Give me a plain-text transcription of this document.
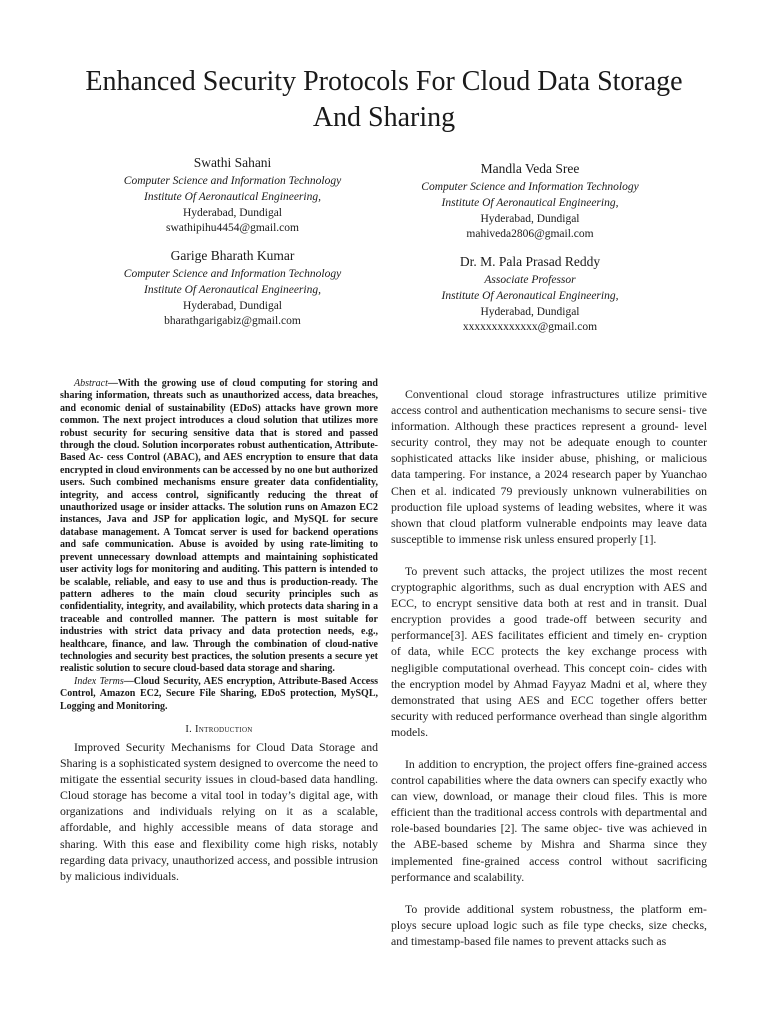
Enhanced Security Protocols For Cloud Data Storage And Sharing
Swathi Sahani
Computer Science and Information Technology
Institute Of Aeronautical Engineering,
Hyderabad, Dundigal
swathipihu4454@gmail.com
Garige Bharath Kumar
Computer Science and Information Technology
Institute Of Aeronautical Engineering,
Hyderabad, Dundigal
bharathgarigabiz@gmail.com
Mandla Veda Sree
Computer Science and Information Technology
Institute Of Aeronautical Engineering,
Hyderabad, Dundigal
mahiveda2806@gmail.com
Dr. M. Pala Prasad Reddy
Associate Professor
Institute Of Aeronautical Engineering,
Hyderabad, Dundigal
xxxxxxxxxxxxx@gmail.com

Abstract—With the growing use of cloud computing for storing and sharing information, threats such as unauthorized access, data breaches, and economic denial of sustainability (EDoS) attacks have grown more common. The next project introduces a cloud solution that utilizes more robust security for securing sensitive data that is stored and passed through the cloud. Solution incorporates robust authentication, Attribute-Based Ac- cess Control (ABAC), and AES encryption to ensure that data encrypted in cloud environments can be accessed by no one but authorized users. Such combined mechanisms ensure greater data confidentiality, integrity, and access control, significantly reducing the threat of unauthorized usage or insider attacks. The solution runs on Amazon EC2 instances, Java and JSP for application logic, and MySQL for secure database management. A Tomcat server is used for backend operations and safe communication. Abuse is avoided by using rate-limiting to prevent unnecessary download attempts and maintaining sophisticated user activity logs for monitoring and auditing. This pattern is intended to be scalable, reliable, and easy to use and thus is production-ready. The pattern adheres to the main cloud security principles such as confidentiality, integrity, and availability, which protects data sharing in a traceable and controlled manner. The pattern is most suitable for industries with strict data privacy and data protection needs, e.g., healthcare, finance, and law. Through the combination of cloud-native technologies and security best practices, the solution presents a secure yet realistic solution to secure cloud-based data storage and sharing.

Index Terms—Cloud Security, AES encryption, Attribute-Based Access Control, Amazon EC2, Secure File Sharing, EDoS protection, MySQL, Logging and Monitoring.

I. Introduction

Improved Security Mechanisms for Cloud Data Storage and Sharing is a sophisticated system designed to overcome the need to mitigate the essential security issues in cloud-based data handling. Cloud storage has become a vital tool in today’s digital age, with organizations and individuals relying on it as a scalable, affordable, and highly accessible means of data storage and sharing. With this ease and flexibility come high risks, notably regarding data privacy, unauthorized access, and possible intrusion by malicious individuals.

Conventional cloud storage infrastructures utilize primitive access control and authentication mechanisms to secure sensi- tive information. Although these practices represent a ground- level security control, they may not be adequate enough to counter sophisticated attacks like insider abuse, phishing, or malicious data tampering. For instance, a 2024 research paper by Yuanchao Chen et al. indicated 79 previously unknown vulnerabilities on production file upload systems of leading websites, where it was shown that cloud platform vulnerable endpoints may leave data susceptible to immense risk unless ensured properly [1].

To prevent such attacks, the project utilizes the most recent cryptographic algorithms, such as dual encryption with AES and ECC, to encrypt sensitive data both at rest and in transit. Dual encryption provides a good trade-off between security and performance[3]. AES facilitates efficient and timely en- cryption of data, while ECC protects the key exchange process with negligible computational overhead. This concept coin- cides with the encryption model by Ahmad Fayyaz Madni et al, where they demonstrated that using AES and ECC together offers better security with reduced performance overhead than single algorithm models.

In addition to encryption, the project offers fine-grained access control capabilities where the data owners can specify exactly who can view, download, or manage their cloud files. This is more efficient than the traditional access controls with departmental and role-based boundaries [2]. The same objec- tive was achieved in the ABE-based scheme by Mishra and Sharma since they implemented fine-grained access control without sacrificing performance and scalability.

To provide additional system robustness, the platform em- ploys secure upload logic such as file type checks, size checks, and timestamp-based file names to prevent attacks such as
